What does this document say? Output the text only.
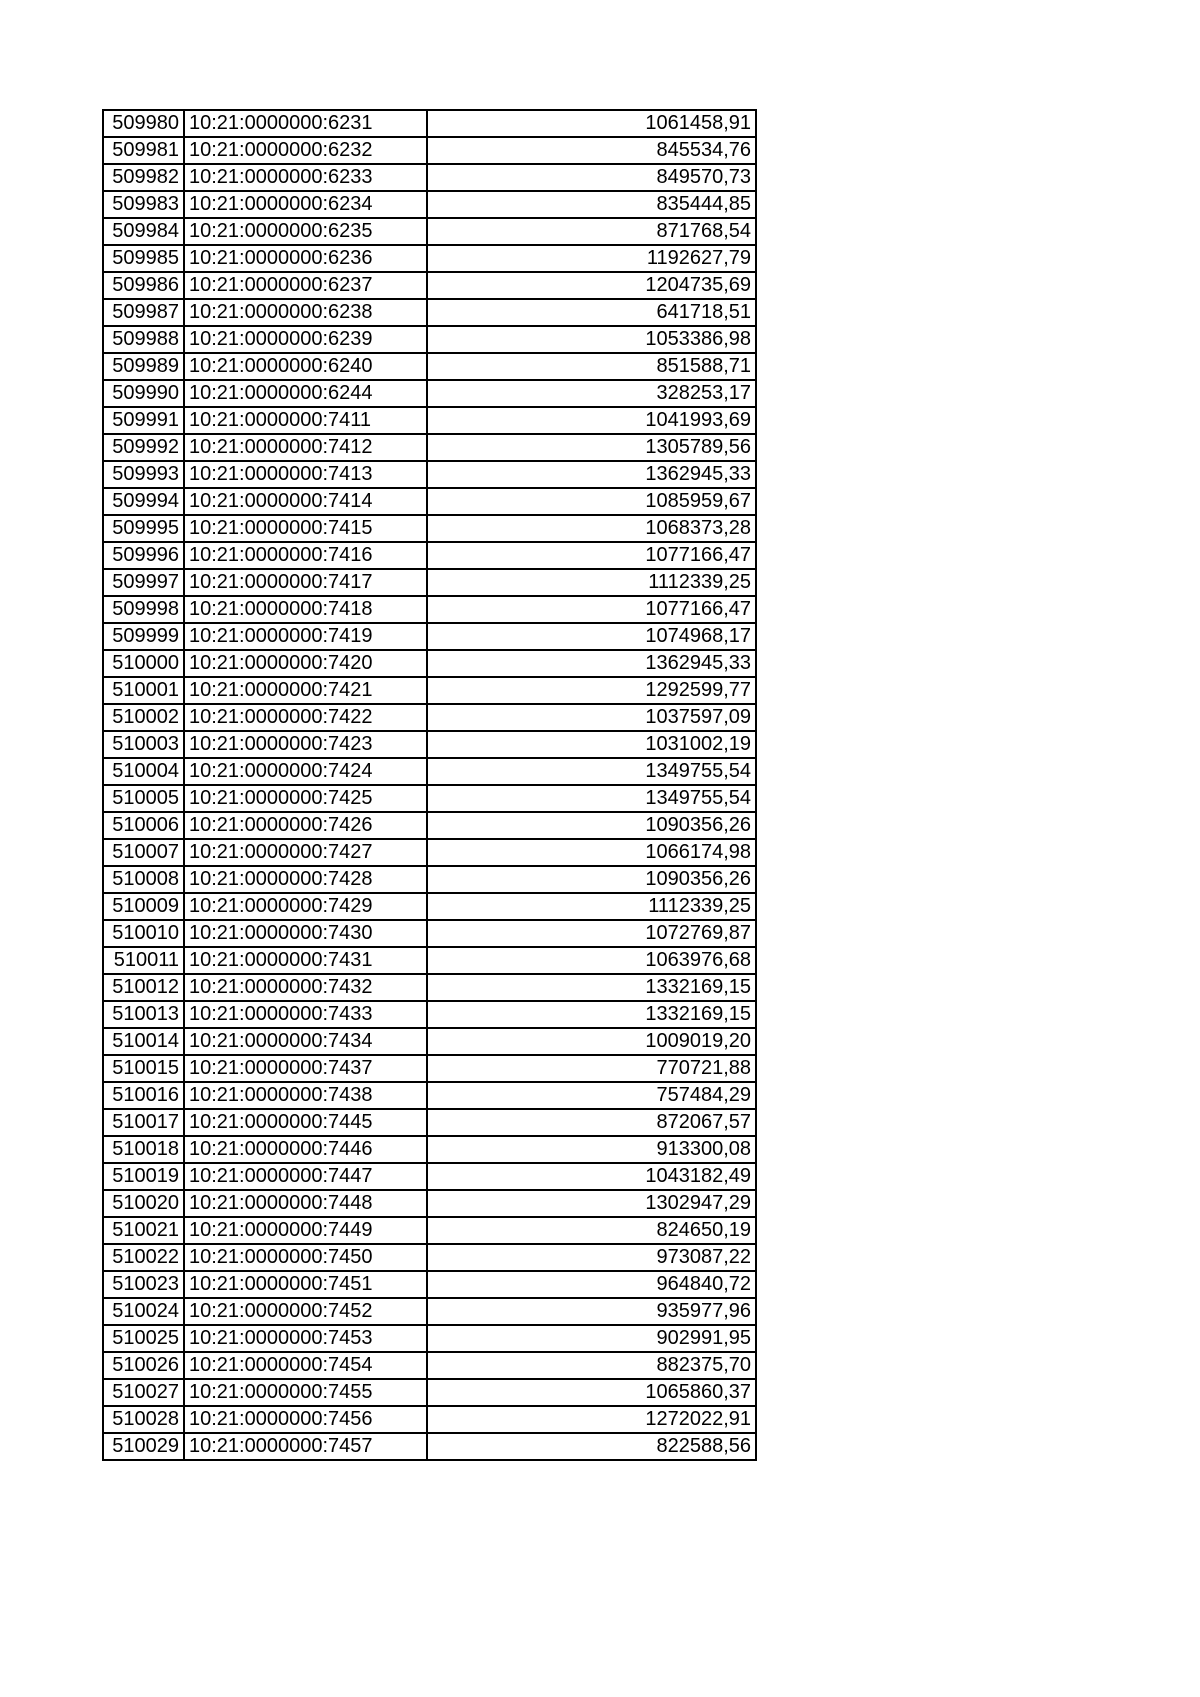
509980	10:21:0000000:6231	1061458,91
509981	10:21:0000000:6232	845534,76
509982	10:21:0000000:6233	849570,73
509983	10:21:0000000:6234	835444,85
509984	10:21:0000000:6235	871768,54
509985	10:21:0000000:6236	1192627,79
509986	10:21:0000000:6237	1204735,69
509987	10:21:0000000:6238	641718,51
509988	10:21:0000000:6239	1053386,98
509989	10:21:0000000:6240	851588,71
509990	10:21:0000000:6244	328253,17
509991	10:21:0000000:7411	1041993,69
509992	10:21:0000000:7412	1305789,56
509993	10:21:0000000:7413	1362945,33
509994	10:21:0000000:7414	1085959,67
509995	10:21:0000000:7415	1068373,28
509996	10:21:0000000:7416	1077166,47
509997	10:21:0000000:7417	1112339,25
509998	10:21:0000000:7418	1077166,47
509999	10:21:0000000:7419	1074968,17
510000	10:21:0000000:7420	1362945,33
510001	10:21:0000000:7421	1292599,77
510002	10:21:0000000:7422	1037597,09
510003	10:21:0000000:7423	1031002,19
510004	10:21:0000000:7424	1349755,54
510005	10:21:0000000:7425	1349755,54
510006	10:21:0000000:7426	1090356,26
510007	10:21:0000000:7427	1066174,98
510008	10:21:0000000:7428	1090356,26
510009	10:21:0000000:7429	1112339,25
510010	10:21:0000000:7430	1072769,87
510011	10:21:0000000:7431	1063976,68
510012	10:21:0000000:7432	1332169,15
510013	10:21:0000000:7433	1332169,15
510014	10:21:0000000:7434	1009019,20
510015	10:21:0000000:7437	770721,88
510016	10:21:0000000:7438	757484,29
510017	10:21:0000000:7445	872067,57
510018	10:21:0000000:7446	913300,08
510019	10:21:0000000:7447	1043182,49
510020	10:21:0000000:7448	1302947,29
510021	10:21:0000000:7449	824650,19
510022	10:21:0000000:7450	973087,22
510023	10:21:0000000:7451	964840,72
510024	10:21:0000000:7452	935977,96
510025	10:21:0000000:7453	902991,95
510026	10:21:0000000:7454	882375,70
510027	10:21:0000000:7455	1065860,37
510028	10:21:0000000:7456	1272022,91
510029	10:21:0000000:7457	822588,56
